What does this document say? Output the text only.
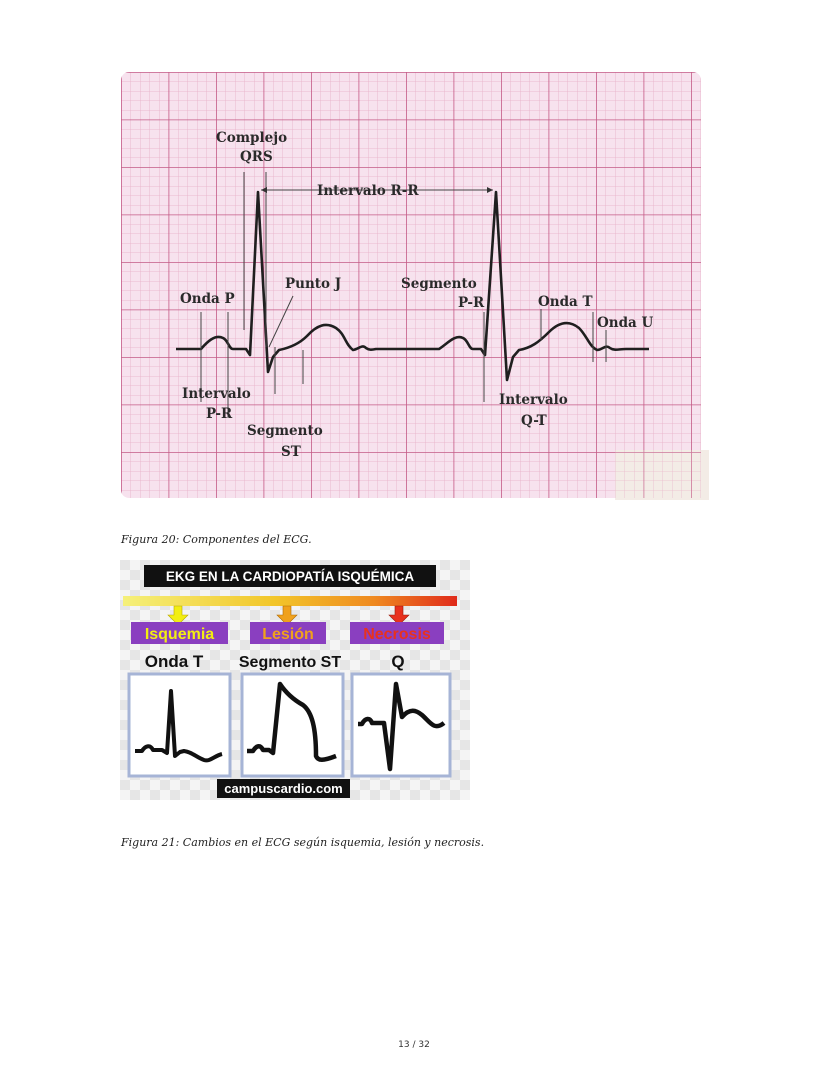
Complejo
QRS
Intervalo R-R
Onda P
Punto J	Segmento
P-R	Onda T
Onda U
Intervalo
P-R
Segmento
ST
Intervalo
Q-T
Figura 20: Componentes del ECG.
EKG EN LA CARDIOPATÍA ISQUÉMICA
Isquemia	Lesión	Necrosis
Onda T Segmento ST	Q
campuscardio.com
Figura 21: Cambios en el ECG según isquemia, lesión y necrosis.
13 / 32
